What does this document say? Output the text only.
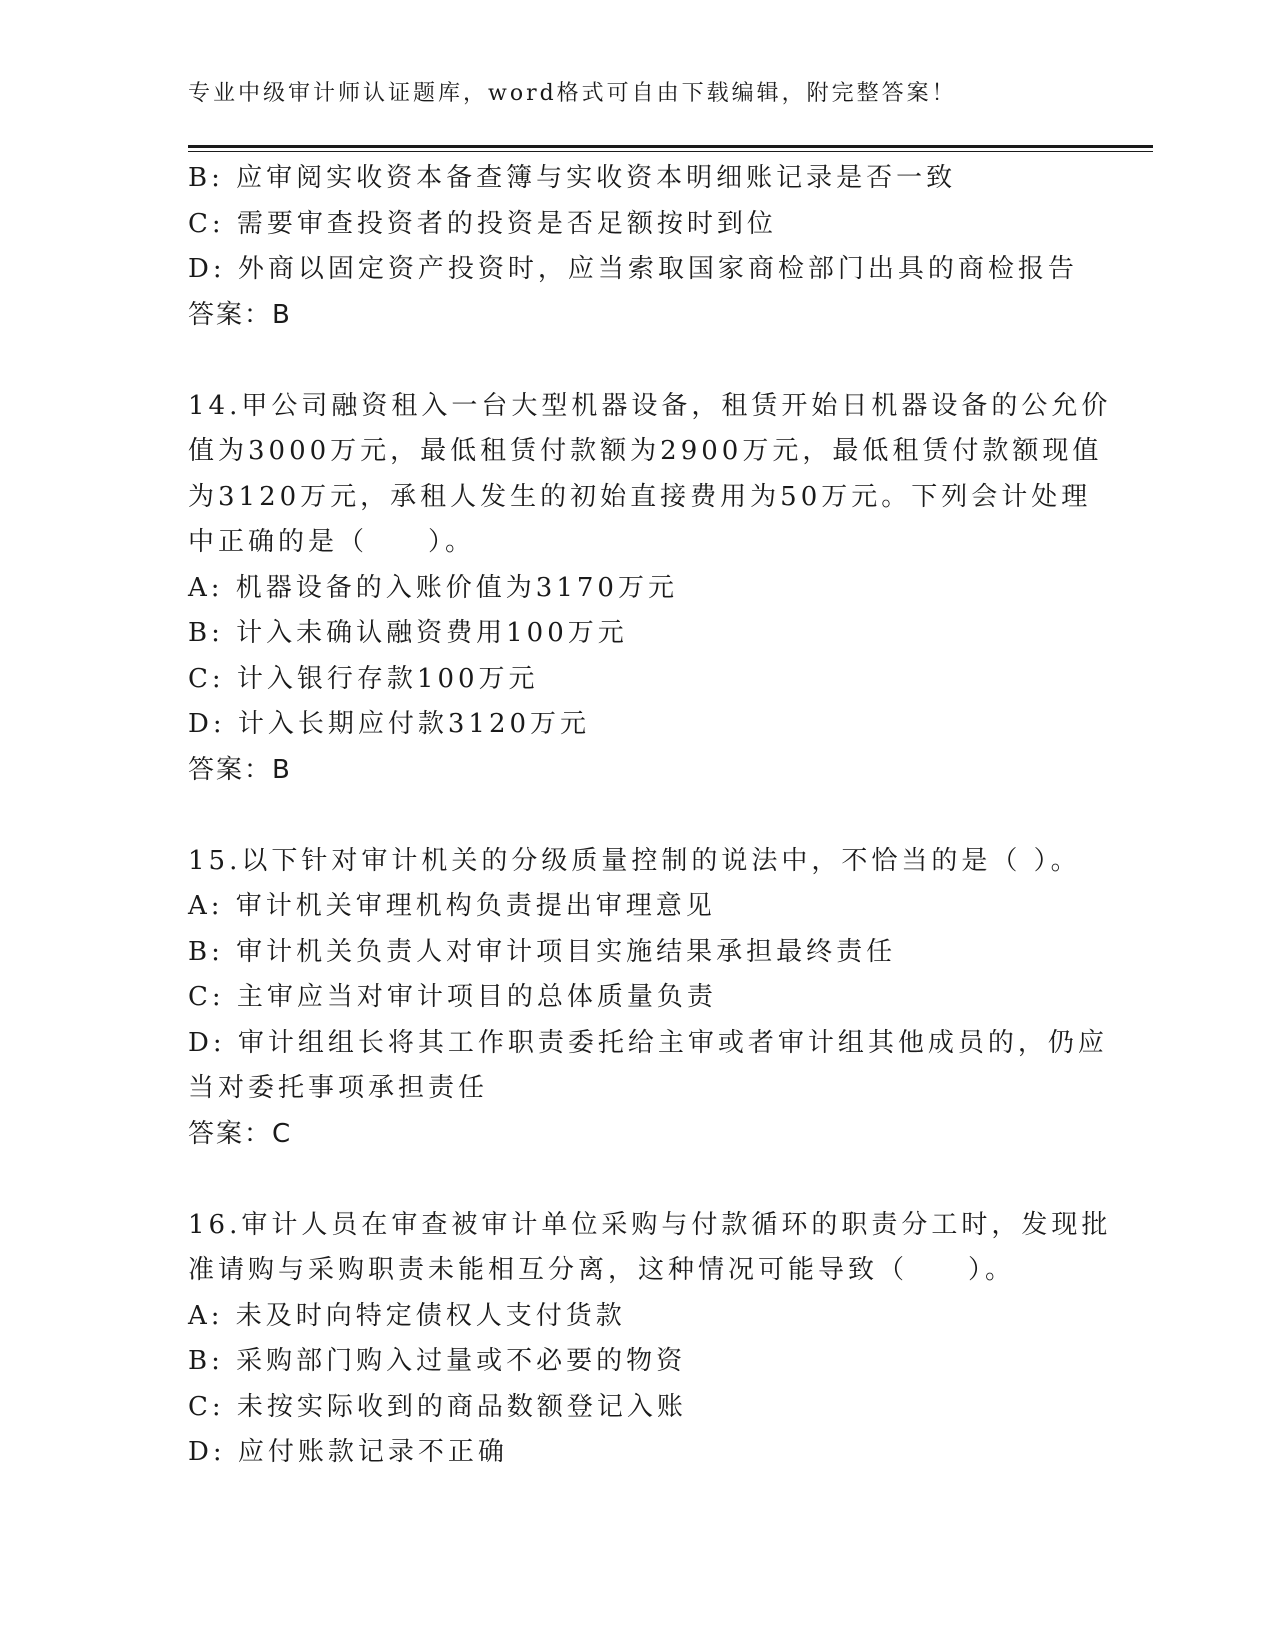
专业中级审计师认证题库，word格式可自由下载编辑，附完整答案！
B: 应审阅实收资本备查簿与实收资本明细账记录是否一致
C: 需要审查投资者的投资是否足额按时到位
D: 外商以固定资产投资时，应当索取国家商检部门出具的商检报告
答案：B
14.甲公司融资租入一台大型机器设备，租赁开始日机器设备的公允价
值为3000万元，最低租赁付款额为2900万元，最低租赁付款额现值
为3120万元，承租人发生的初始直接费用为50万元。下列会计处理
中正确的是（　　）。
A: 机器设备的入账价值为3170万元
B: 计入未确认融资费用100万元
C: 计入银行存款100万元
D: 计入长期应付款3120万元
答案：B
15.以下针对审计机关的分级质量控制的说法中，不恰当的是（ ）。
A: 审计机关审理机构负责提出审理意见
B: 审计机关负责人对审计项目实施结果承担最终责任
C: 主审应当对审计项目的总体质量负责
D: 审计组组长将其工作职责委托给主审或者审计组其他成员的，仍应
当对委托事项承担责任
答案：C
16.审计人员在审查被审计单位采购与付款循环的职责分工时，发现批
准请购与采购职责未能相互分离，这种情况可能导致（　　）。
A: 未及时向特定债权人支付货款
B: 采购部门购入过量或不必要的物资
C: 未按实际收到的商品数额登记入账
D: 应付账款记录不正确
